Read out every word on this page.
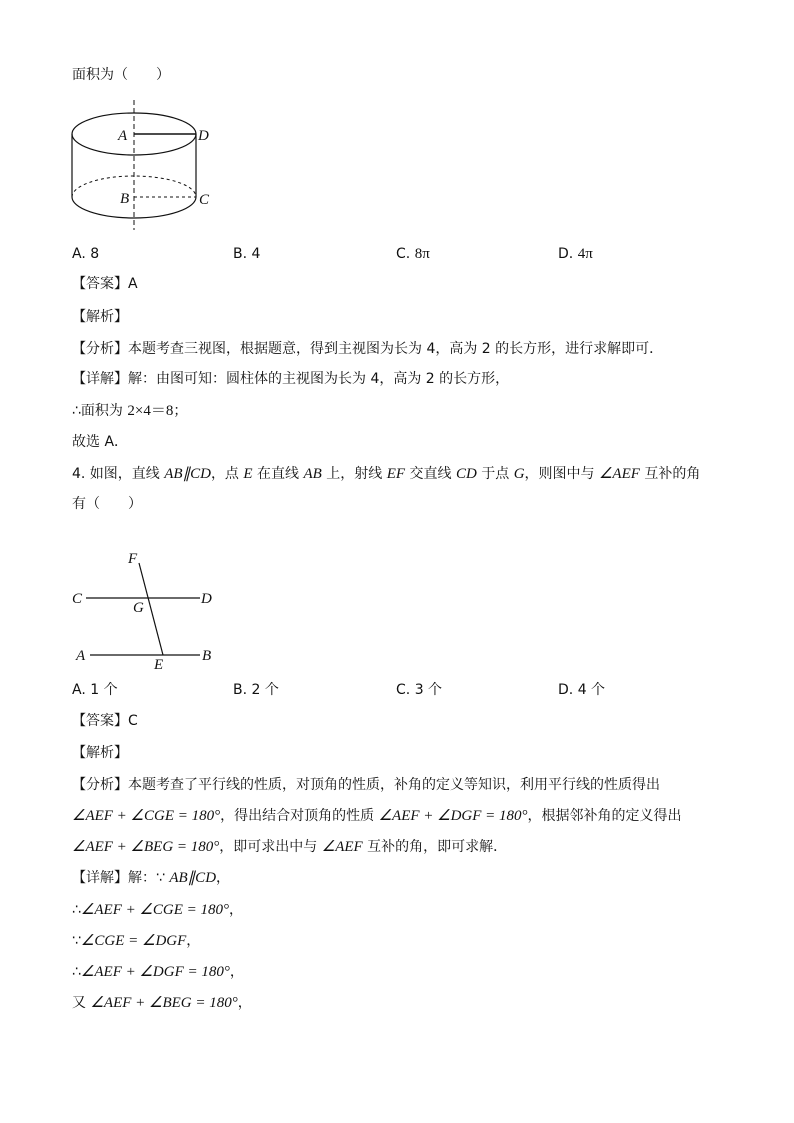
面积为（　　）
A	D
B	C
A. 8	B. 4	C. 8π	D. 4π
【答案】A
【解析】
【分析】本题考查三视图，根据题意，得到主视图为长为 4，高为 2 的长方形，进行求解即可．
【详解】解：由图可知：圆柱体的主视图为长为 4，高为 2 的长方形，
∴面积为 2×4＝8；
故选 A．
4. 如图，直线 AB∥CD，点 E 在直线 AB 上，射线 EF 交直线 CD 于点 G，则图中与 ∠AEF 互补的角
有（　　）
F
C
G
D
A
E
B
A. 1 个	B. 2 个	C. 3 个	D. 4 个
【答案】C
【解析】
【分析】本题考查了平行线的性质，对顶角的性质，补角的定义等知识，利用平行线的性质得出
∠AEF + ∠CGE = 180°，得出结合对顶角的性质 ∠AEF + ∠DGF = 180°，根据邻补角的定义得出
∠AEF + ∠BEG = 180°，即可求出中与 ∠AEF 互补的角，即可求解．
【详解】解：∵ AB∥CD，
∴∠AEF + ∠CGE = 180°，
∵∠CGE = ∠DGF，
∴∠AEF + ∠DGF = 180°，
又 ∠AEF + ∠BEG = 180°，
